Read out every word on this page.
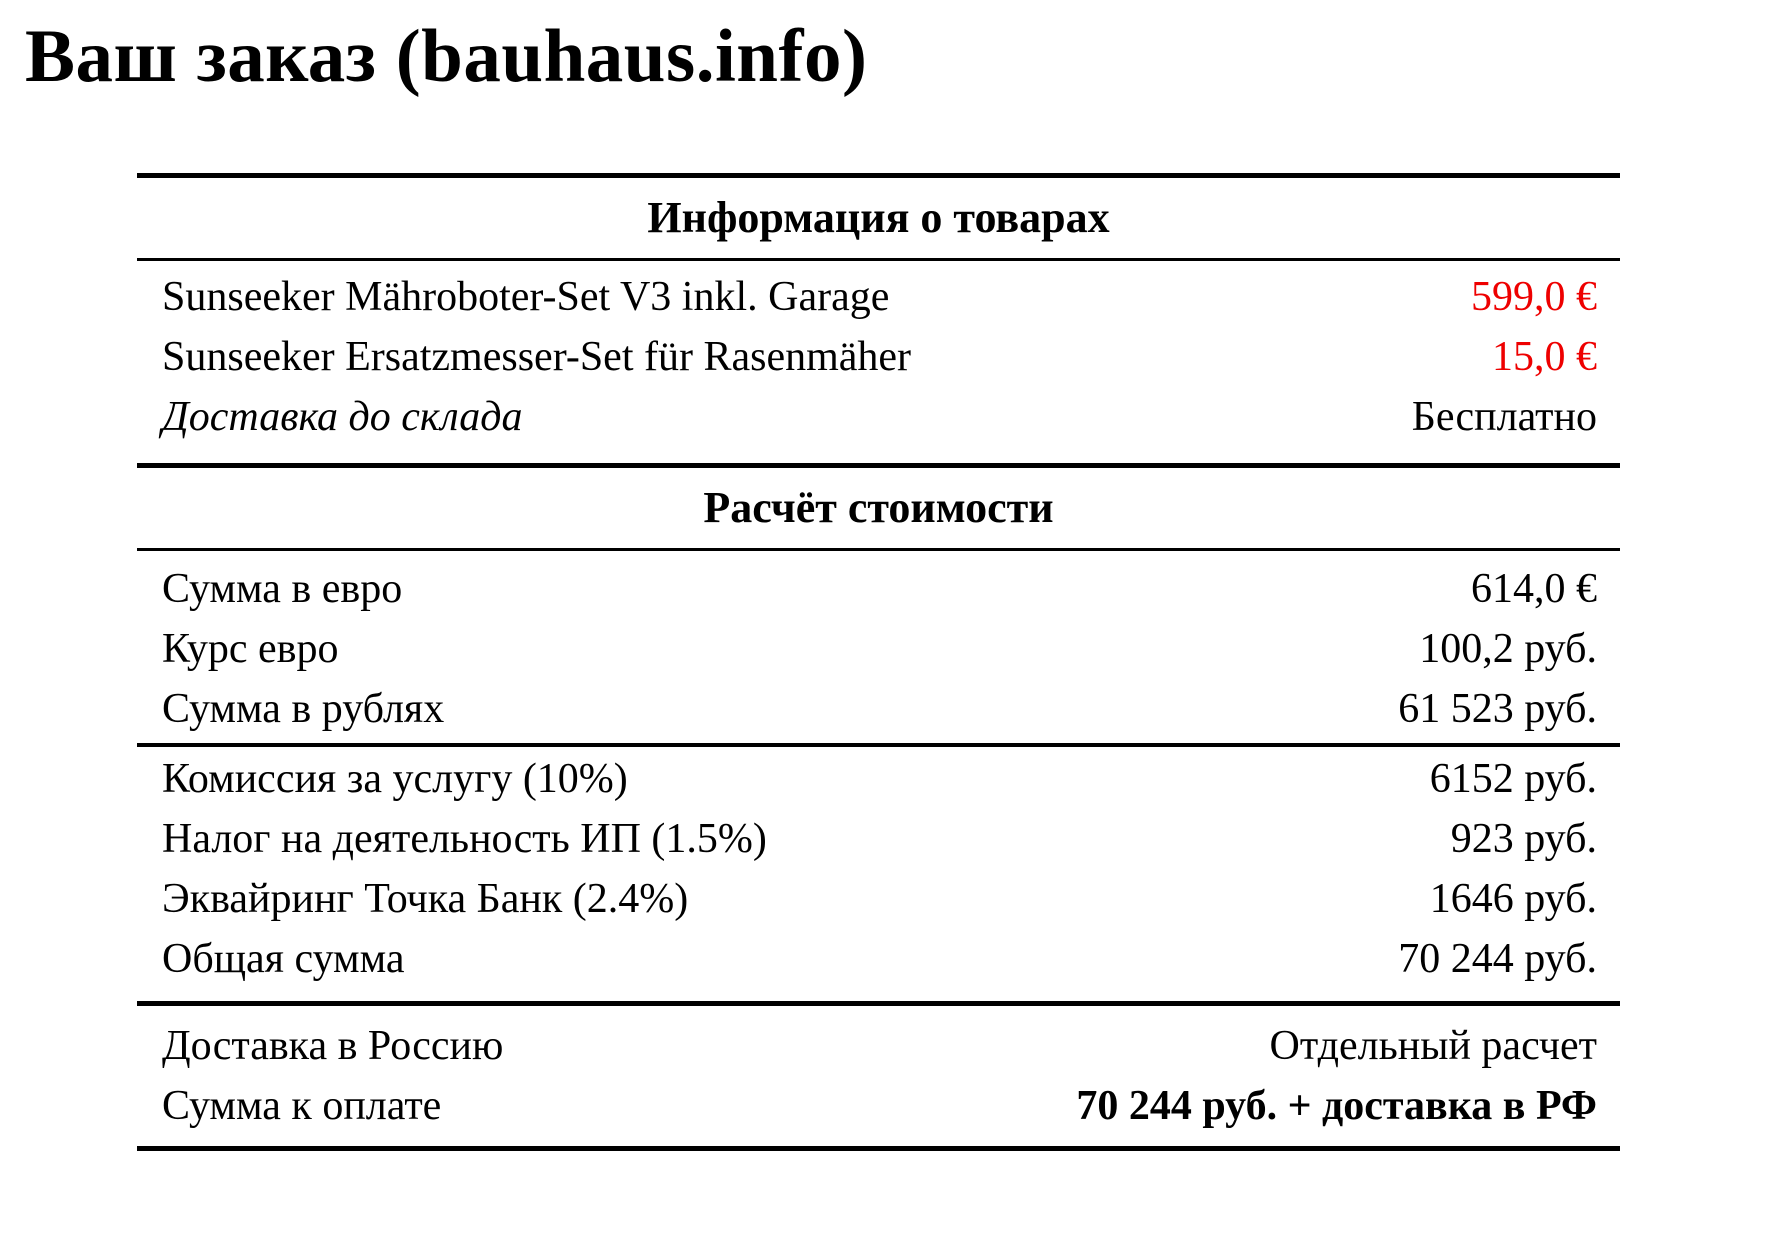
Ваш заказ (bauhaus.info)
Информация о товарах
Sunseeker Mähroboter-Set V3 inkl. Garage	599,0 €
Sunseeker Ersatzmesser-Set für Rasenmäher	15,0 €
Доставка до склада	Бесплатно
Расчёт стоимости
Сумма в евро	614,0 €
Курс евро	100,2 руб.
Сумма в рублях	61 523 руб.
Комиссия за услугу (10%)	6152 руб.
Налог на деятельность ИП (1.5%)	923 руб.
Эквайринг Точка Банк (2.4%)	1646 руб.
Общая сумма	70 244 руб.
Доставка в Россию	Отдельный расчет
Сумма к оплате	70 244 руб. + доставка в РФ
